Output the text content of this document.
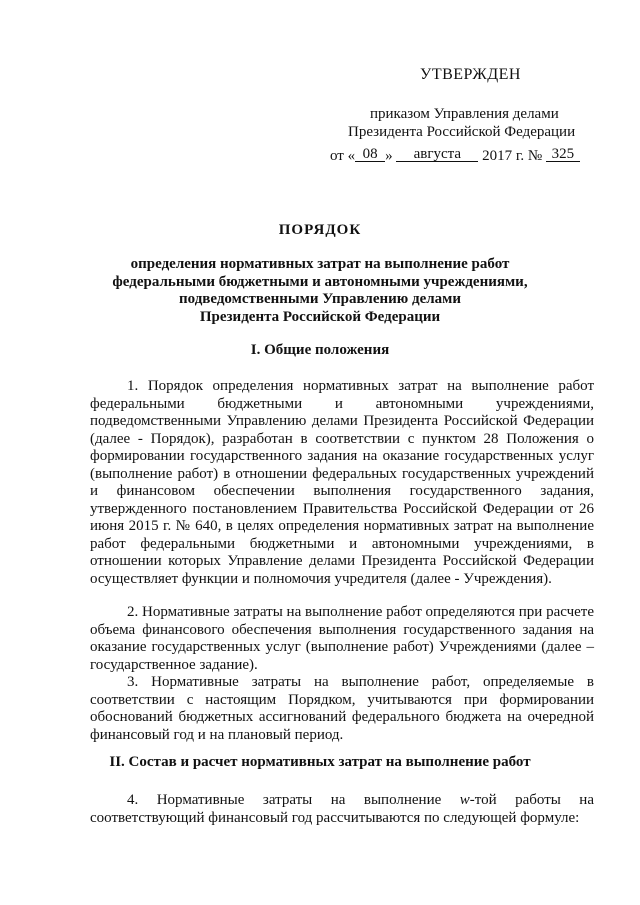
УТВЕРЖДЕН
приказом Управления делами
Президента Российской Федерации
от « 08 » августа 2017 г. № 325
ПОРЯДОК
определения нормативных затрат на выполнение работ
федеральными бюджетными и автономными учреждениями,
подведомственными Управлению делами
Президента Российской Федерации
I. Общие положения

1. Порядок определения нормативных затрат на выполнение работ федеральными бюджетными и автономными учреждениями, подведомственными Управлению делами Президента Российской Федерации (далее - Порядок), разработан в соответствии с пунктом 28 Положения о формировании государственного задания на оказание государственных услуг (выполнение работ) в отношении федеральных государственных учреждений и финансовом обеспечении выполнения государственного задания, утвержденного постановлением Правительства Российской Федерации от 26 июня 2015 г. № 640, в целях определения нормативных затрат на выполнение работ федеральными бюджетными и автономными учреждениями, в отношении которых Управление делами Президента Российской Федерации осуществляет функции и полномочия учредителя (далее - Учреждения).

2. Нормативные затраты на выполнение работ определяются при расчете объема финансового обеспечения выполнения государственного задания на оказание государственных услуг (выполнение работ) Учреждениями (далее – государственное задание).

3. Нормативные затраты на выполнение работ, определяемые в соответствии с настоящим Порядком, учитываются при формировании обоснований бюджетных ассигнований федерального бюджета на очередной финансовый год и на плановый период.

II. Состав и расчет нормативных затрат на выполнение работ

4. Нормативные затраты на выполнение w-той работы на соответствующий финансовый год рассчитываются по следующей формуле:
